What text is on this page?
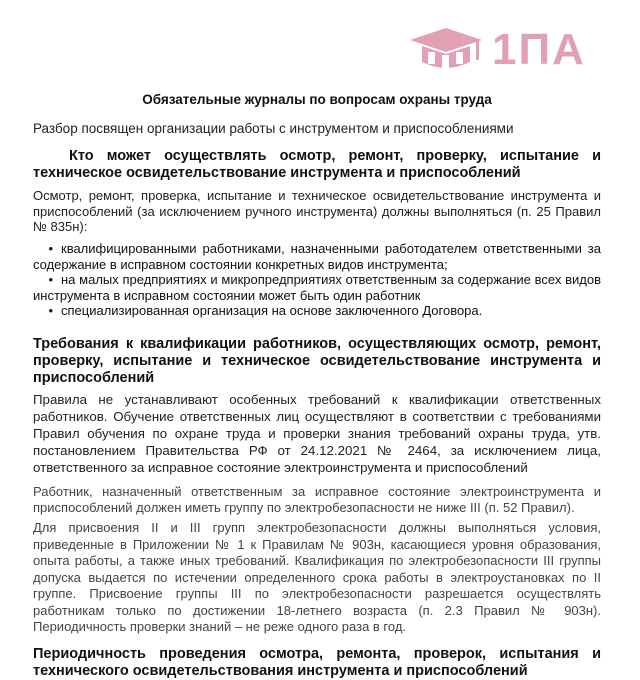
1ПА
Обязательные журналы по вопросам охраны труда
Разбор посвящен организации работы с инструментом и приспособлениями
Кто может осуществлять осмотр, ремонт, проверку, испытание и техническое освидетельствование инструмента и приспособлений

Осмотр, ремонт, проверка, испытание и техническое освидетельствование инструмента и приспособлений (за исключением ручного инструмента) должны выполняться (п. 25 Правил № 835н):

• квалифицированными работниками, назначенными работодателем ответственными за содержание в исправном состоянии конкретных видов инструмента;
• на малых предприятиях и микропредприятиях ответственным за содержание всех видов инструмента в исправном состоянии может быть один работник
• специализированная организация на основе заключенного Договора.
Требования к квалификации работников, осуществляющих осмотр, ремонт, проверку, испытание и техническое освидетельствование инструмента и приспособлений

Правила не устанавливают особенных требований к квалификации ответственных работников. Обучение ответственных лиц осуществляют в соответствии с требованиями Правил обучения по охране труда и проверки знания требований охраны труда, утв. постановлением Правительства РФ от 24.12.2021 № 2464, за исключением лица, ответственного за исправное состояние электроинструмента и приспособлений

Работник, назначенный ответственным за исправное состояние электроинструмента и приспособлений должен иметь группу по электробезопасности не ниже III (п. 52 Правил).

Для присвоения II и III групп электробезопасности должны выполняться условия, приведенные в Приложении № 1 к Правилам № 903н, касающиеся уровня образования, опыта работы, а также иных требований. Квалификация по электробезопасности III группы допуска выдается по истечении определенного срока работы в электроустановках по II группе. Присвоение группы III по электробезопасности разрешается осуществлять работникам только по достижении 18-летнего возраста (п. 2.3 Правил № 903н). Периодичность проверки знаний – не реже одного раза в год.

Периодичность проведения осмотра, ремонта, проверок, испытания и технического освидетельствования инструмента и приспособлений
